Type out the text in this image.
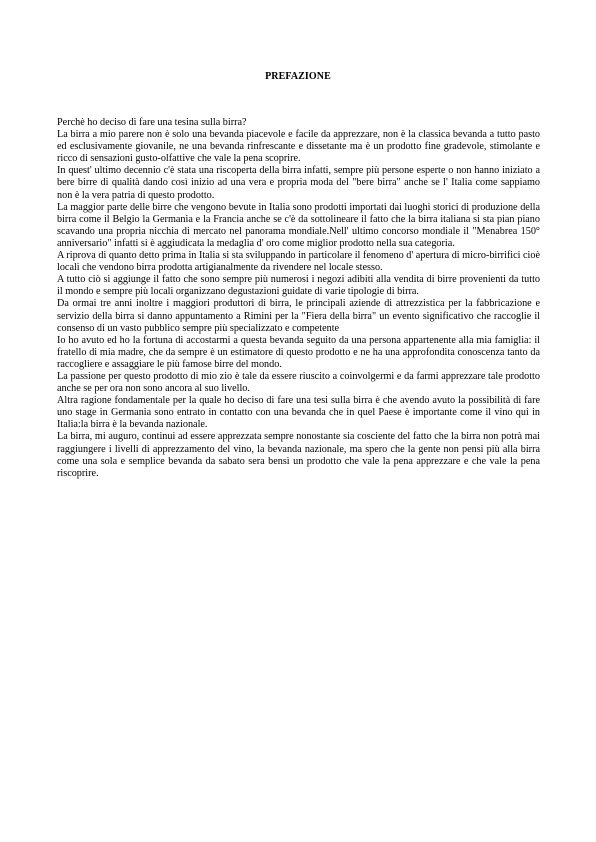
PREFAZIONE

Perchè ho deciso di fare una tesina sulla birra?

La birra a mio parere non è solo una bevanda piacevole e facile da apprezzare, non è la classica bevanda a tutto pasto ed esclusivamente giovanile, ne una bevanda rinfrescante e dissetante ma è un prodotto fine gradevole, stimolante e ricco di sensazioni gusto-olfattive che vale la pena scoprire.

In quest' ultimo decennio c'è stata una riscoperta della birra infatti, sempre più persone esperte o non hanno iniziato a bere birre di qualità dando così inizio ad una vera e propria moda del "bere birra" anche se l' Italia come sappiamo non è la vera patria di questo prodotto.

La maggior parte delle birre che vengono bevute in Italia sono prodotti importati dai luoghi storici di produzione della birra come il Belgio la Germania e la Francia anche se c'è da sottolineare il fatto che la birra italiana si sta pian piano scavando una propria nicchia di mercato nel panorama mondiale.Nell' ultimo concorso mondiale il "Menabrea 150° anniversario" infatti si è aggiudicata la medaglia d' oro come miglior prodotto nella sua categoria.

A riprova di quanto detto prima in Italia si sta sviluppando in particolare il fenomeno d' apertura di micro-birrifici cioè locali che vendono birra prodotta artigianalmente da rivendere nel locale stesso.

A tutto ciò si aggiunge il fatto che sono sempre più numerosi i negozi adibiti alla vendita di birre provenienti da tutto il mondo e sempre più locali organizzano degustazioni guidate di varie tipologie di birra.

Da ormai tre anni inoltre i maggiori produttori di birra, le principali aziende di attrezzistica per la fabbricazione e servizio della birra si danno appuntamento a Rimini per la "Fiera della birra" un evento significativo che raccoglie il consenso di un vasto pubblico sempre più specializzato e competente

Io ho avuto ed ho la fortuna di accostarmi a questa bevanda seguito da una persona appartenente alla mia famiglia: il fratello di mia madre, che da sempre è un estimatore di questo prodotto e ne ha una approfondita conoscenza tanto da raccogliere e assaggiare le più famose birre del mondo.

La passione per questo prodotto di mio zio è tale da essere riuscito a coinvolgermi e da farmi apprezzare tale prodotto anche se per ora non sono ancora al suo livello.

Altra ragione fondamentale per la quale ho deciso di fare una tesi sulla birra è che avendo avuto la possibilità di fare uno stage in Germania sono entrato in contatto con una bevanda che in quel Paese è importante come il vino qui in Italia:la birra è la bevanda nazionale.

La birra, mi auguro, continui ad essere apprezzata sempre nonostante sia cosciente del fatto che la birra non potrà mai raggiungere i livelli di apprezzamento del vino, la bevanda nazionale, ma spero che la gente non pensi più alla birra come una sola e semplice bevanda da sabato sera bensì un prodotto che vale la pena apprezzare e che vale la pena riscoprire.
